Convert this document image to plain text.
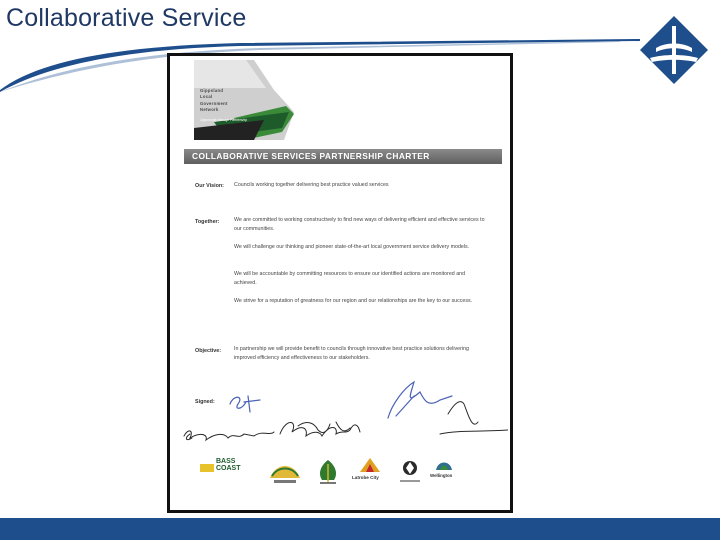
Collaborative Service
Gippsland
Local
Government
Network
Opportunity through Partnership
COLLABORATIVE SERVICES PARTNERSHIP CHARTER
Our Vision: Councils working together delivering best practice valued services
Together:	We are committed to working constructively to find new ways of delivering efficient and effective services to our communities.
We will challenge our thinking and pioneer state-of-the-art local government service delivery models.
We will be accountable by committing resources to ensure our identified actions are monitored and achieved.
We strive for a reputation of greatness for our region and our relationships are the key to our success.
Objective: In partnership we will provide benefit to councils through innovative best practice solutions delivering improved efficiency and effectiveness to our stakeholders.
Signed:
BASS
COAST
Latrobe City	Wellington
